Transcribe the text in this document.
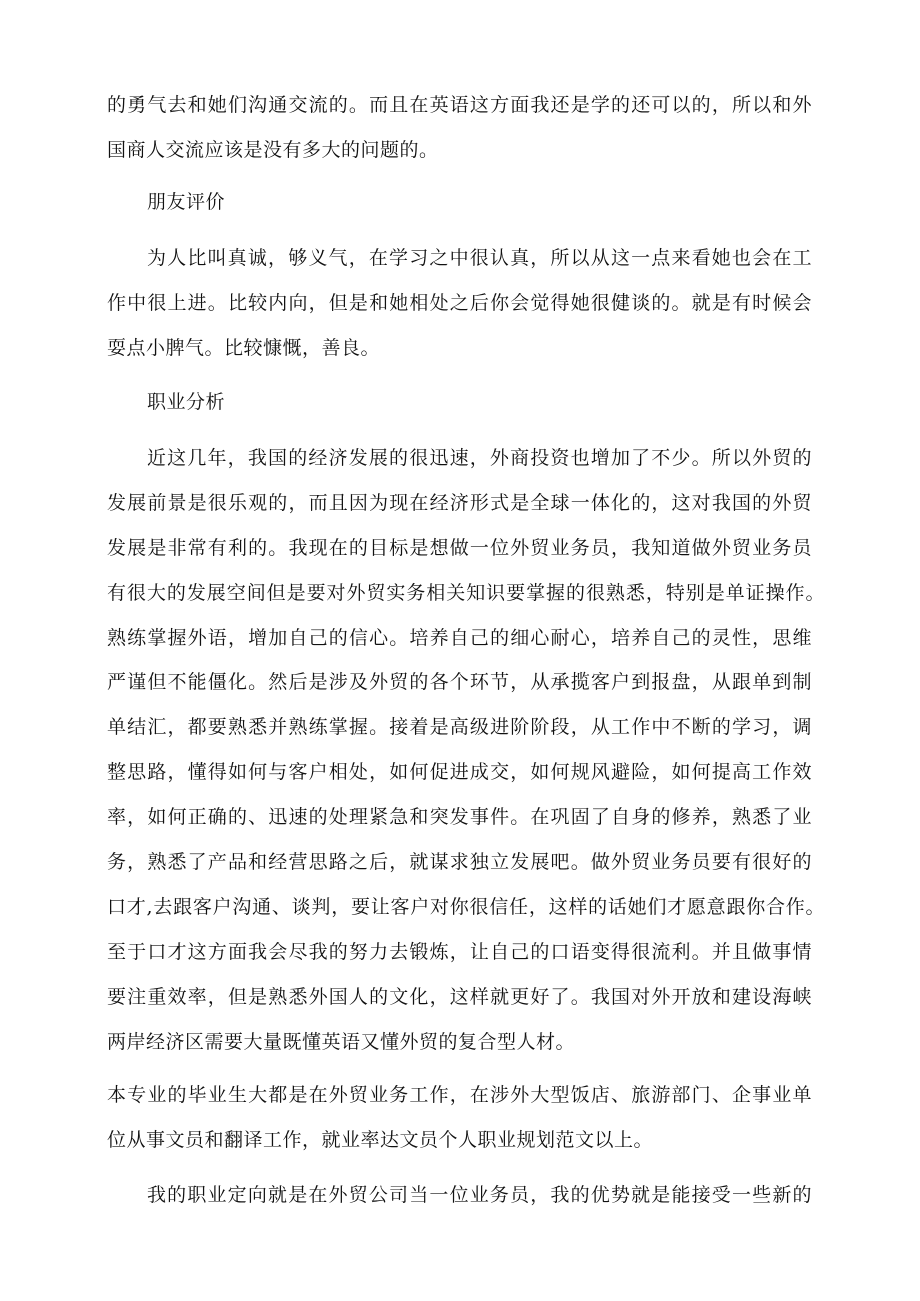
的勇气去和她们沟通交流的。而且在英语这方面我还是学的还可以的，所以和外
国商人交流应该是没有多大的问题的。
朋友评价
为人比叫真诚，够义气，在学习之中很认真，所以从这一点来看她也会在工
作中很上进。比较内向，但是和她相处之后你会觉得她很健谈的。就是有时候会
耍点小脾气。比较慷慨，善良。
职业分析
近这几年，我国的经济发展的很迅速，外商投资也增加了不少。所以外贸的
发展前景是很乐观的，而且因为现在经济形式是全球一体化的，这对我国的外贸
发展是非常有利的。我现在的目标是想做一位外贸业务员，我知道做外贸业务员
有很大的发展空间但是要对外贸实务相关知识要掌握的很熟悉，特别是单证操作。
熟练掌握外语，增加自己的信心。培养自己的细心耐心，培养自己的灵性，思维
严谨但不能僵化。然后是涉及外贸的各个环节，从承揽客户到报盘，从跟单到制
单结汇，都要熟悉并熟练掌握。接着是高级进阶阶段，从工作中不断的学习，调
整思路，懂得如何与客户相处，如何促进成交，如何规风避险，如何提高工作效
率，如何正确的、迅速的处理紧急和突发事件。在巩固了自身的修养，熟悉了业
务，熟悉了产品和经营思路之后，就谋求独立发展吧。做外贸业务员要有很好的
口才,去跟客户沟通、谈判，要让客户对你很信任，这样的话她们才愿意跟你合作。
至于口才这方面我会尽我的努力去锻炼，让自己的口语变得很流利。并且做事情
要注重效率，但是熟悉外国人的文化，这样就更好了。我国对外开放和建设海峡
两岸经济区需要大量既懂英语又懂外贸的复合型人材。
本专业的毕业生大都是在外贸业务工作，在涉外大型饭店、旅游部门、企事业单
位从事文员和翻译工作，就业率达文员个人职业规划范文以上。
我的职业定向就是在外贸公司当一位业务员，我的优势就是能接受一些新的
